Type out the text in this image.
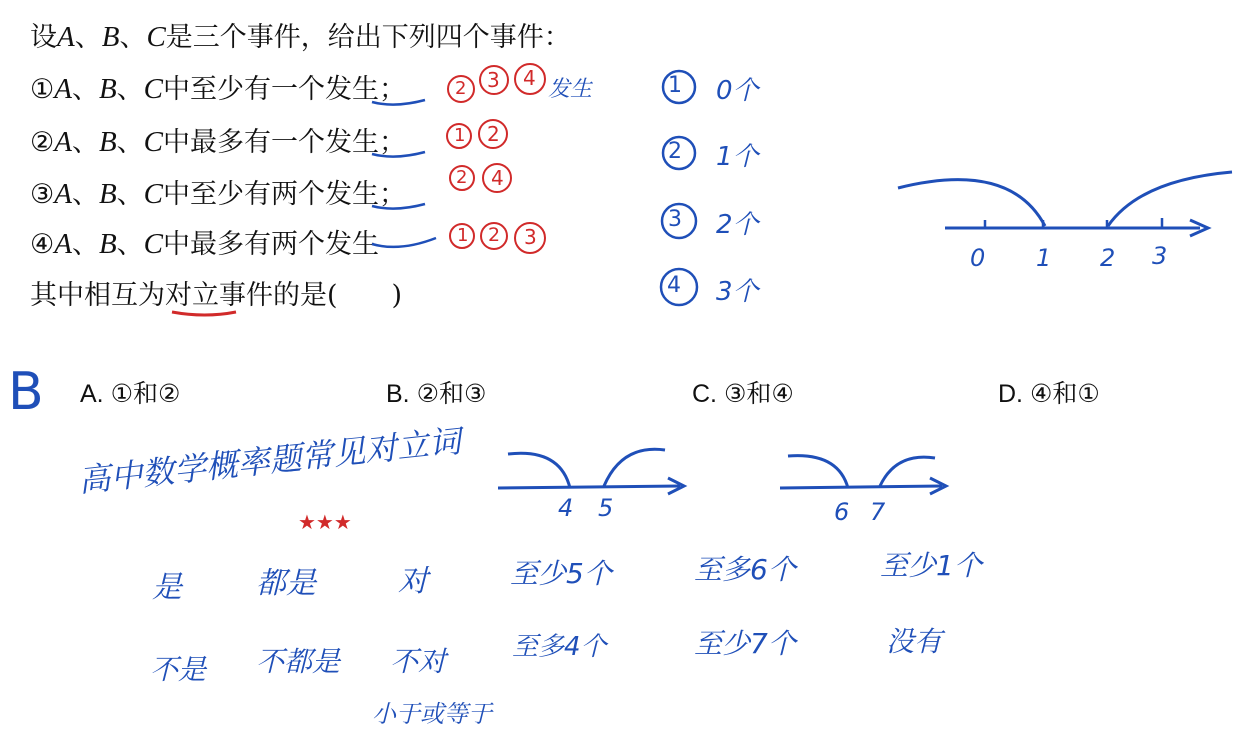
设A、B、C是三个事件，给出下列四个事件：
①A、B、C中至少有一个发生；
②A、B、C中最多有一个发生；
③A、B、C中至少有两个发生；
④A、B、C中最多有两个发生
其中相互为对立事件的是(　　)
A. ①和②	B. ②和③	C. ③和④	D. ④和①
B
2 3 4
1 2
2 4
1 2 3
发生	1 0个
2 1个
3 2个
4 3个
0 1 2 3
高中数学概率题常见对立词
★★★	4 5	6 7
是 都是	对	至少5个	至多6个	至少1个
不是 不都是 不对	至多4个	至少7个	没有
小于或等于
